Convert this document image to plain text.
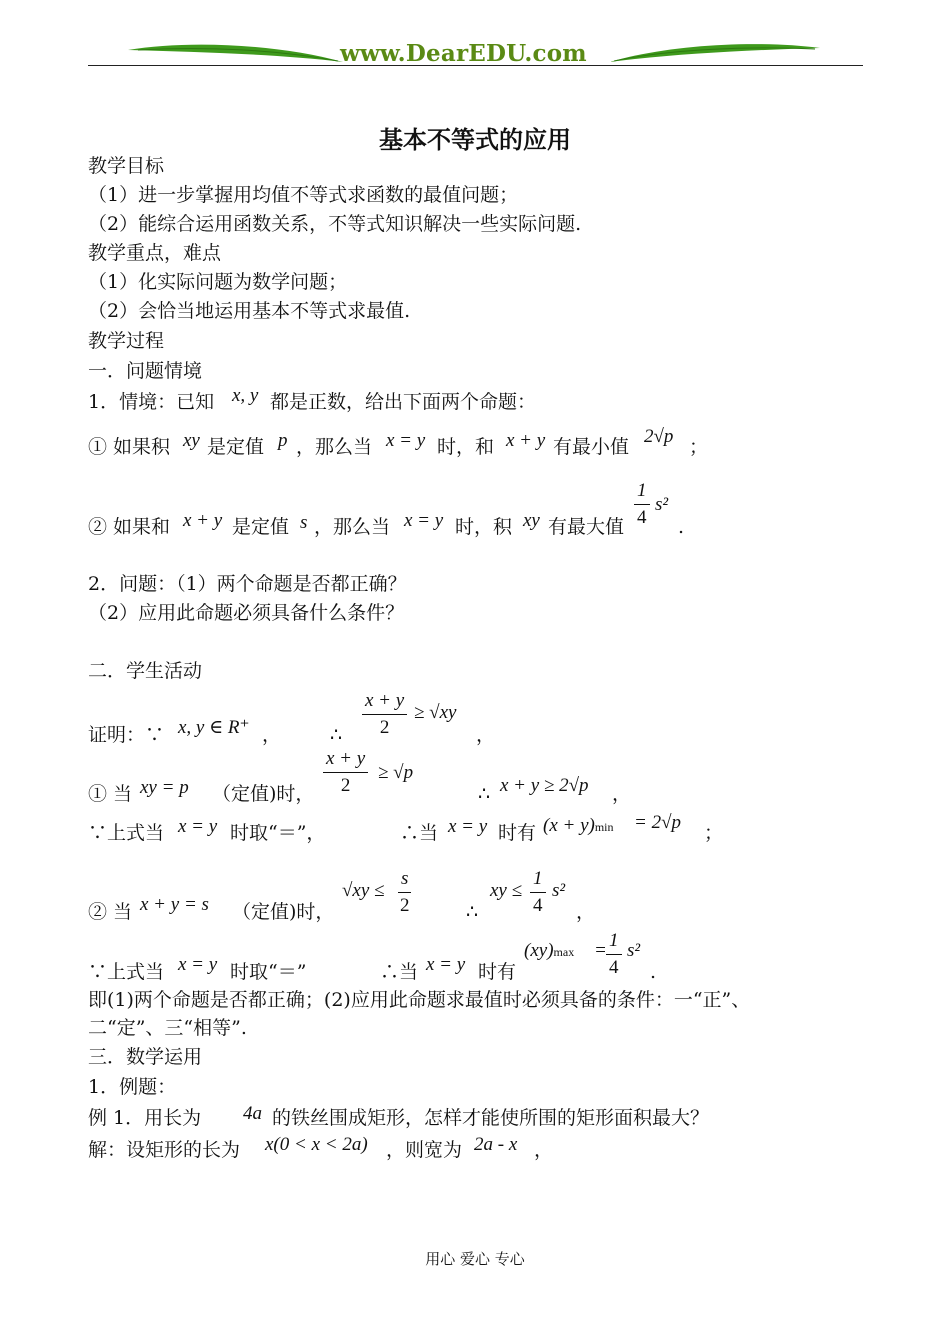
www.DearEDU.com
基本不等式的应用
教学目标
（1）进一步掌握用均值不等式求函数的最值问题；
（2）能综合运用函数关系，不等式知识解决一些实际问题.
教学重点，难点
（1）化实际问题为数学问题；
（2）会恰当地运用基本不等式求最值.
教学过程
一．问题情境
1．情境：已知 x, y 都是正数，给出下面两个命题：
① 如果积 xy 是定值 p ，那么当 x = y 时，和 x + y 有最小值 2√p ；
② 如果和 x + y 是定值 s ，那么当 x = y 时，积 xy 有最大值
1
4
s²
.
2．问题：（1）两个命题是否都正确？
（2）应用此命题必须具备什么条件？
二．学生活动
证明：∵ x, y ∈ R⁺ ，	∴
x + y
2
≥ √xy
，
① 当 xy = p （定值)时，
x + y
2
≥ √p
∴ x + y ≥ 2√p ，
∵上式当 x = y 时取“＝”，	∴当 x = y 时有 (x + y)min = 2√p ；
② 当 x + y = s （定值)时，
√xy ≤
s
2	∴
xy ≤
1
4
s²
，
∵上式当 x = y 时取“＝”	∴当 x = y 时有
(xy)max = 1
4
s²
.
即(1)两个命题是否都正确；(2)应用此命题求最值时必须具备的条件：一“正”、
二“定”、三“相等”.
三．数学运用
1．例题：
例 1．用长为 4a 的铁丝围成矩形，怎样才能使所围的矩形面积最大？
解：设矩形的长为 x(0 < x < 2a) ，则宽为 2a - x ，
用心 爱心 专心
